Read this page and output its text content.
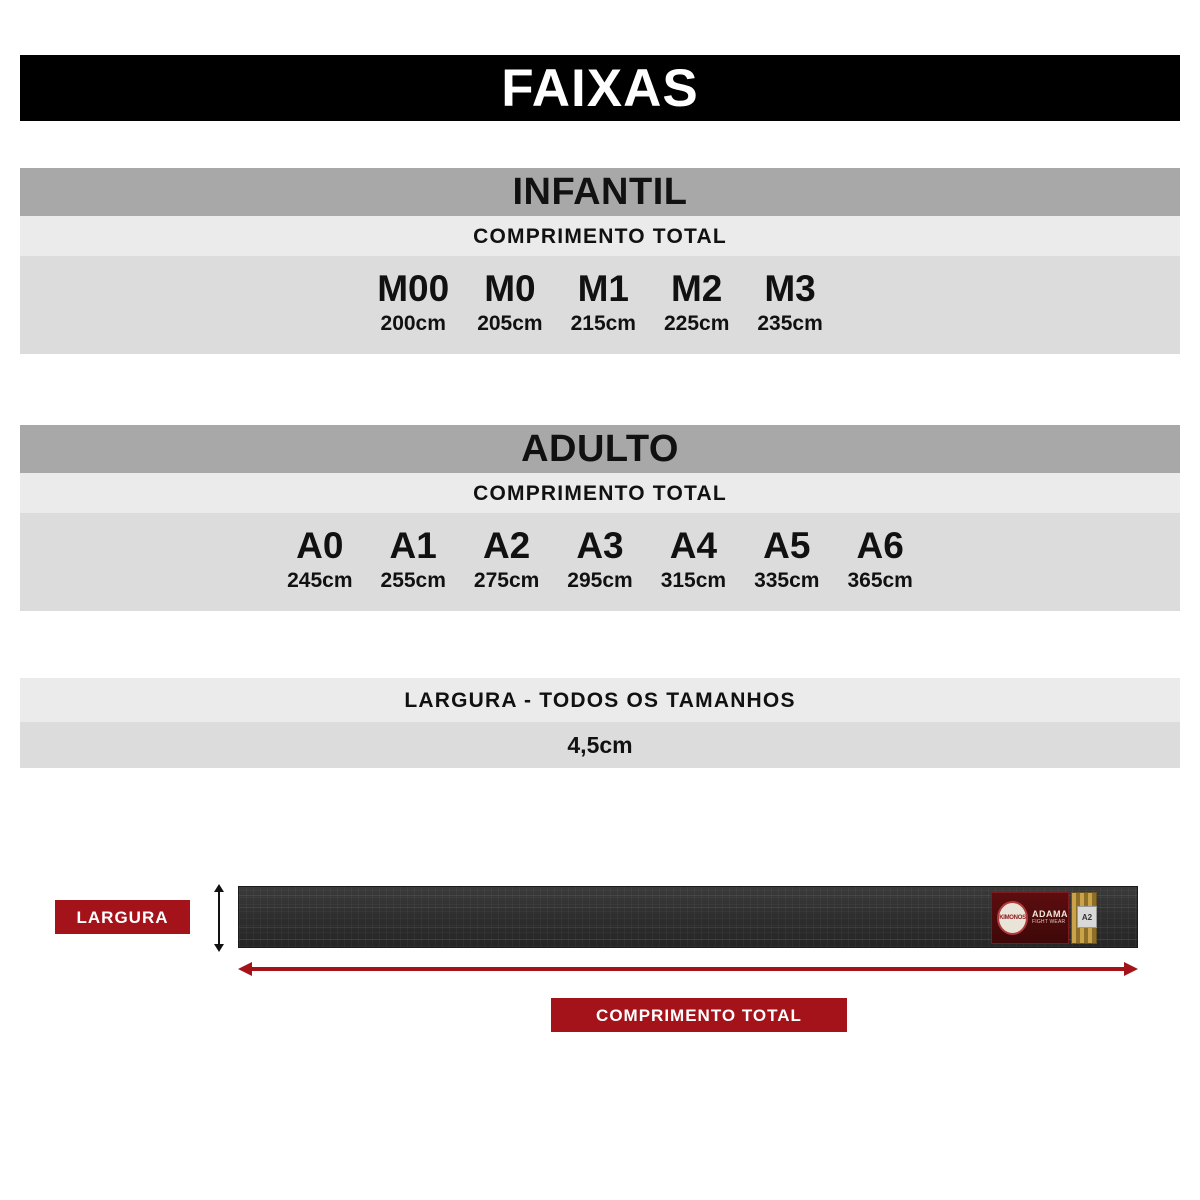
FAIXAS
INFANTIL
COMPRIMENTO TOTAL
M00
200cm
M0
205cm
M1
215cm
M2
225cm
M3
235cm
ADULTO
COMPRIMENTO TOTAL
A0
245cm
A1
255cm
A2
275cm
A3
295cm
A4
315cm
A5
335cm
A6
365cm
LARGURA - TODOS OS TAMANHOS
4,5cm
KIMONOS ADAMA
FIGHT WEAR
A2
LARGURA
COMPRIMENTO TOTAL
